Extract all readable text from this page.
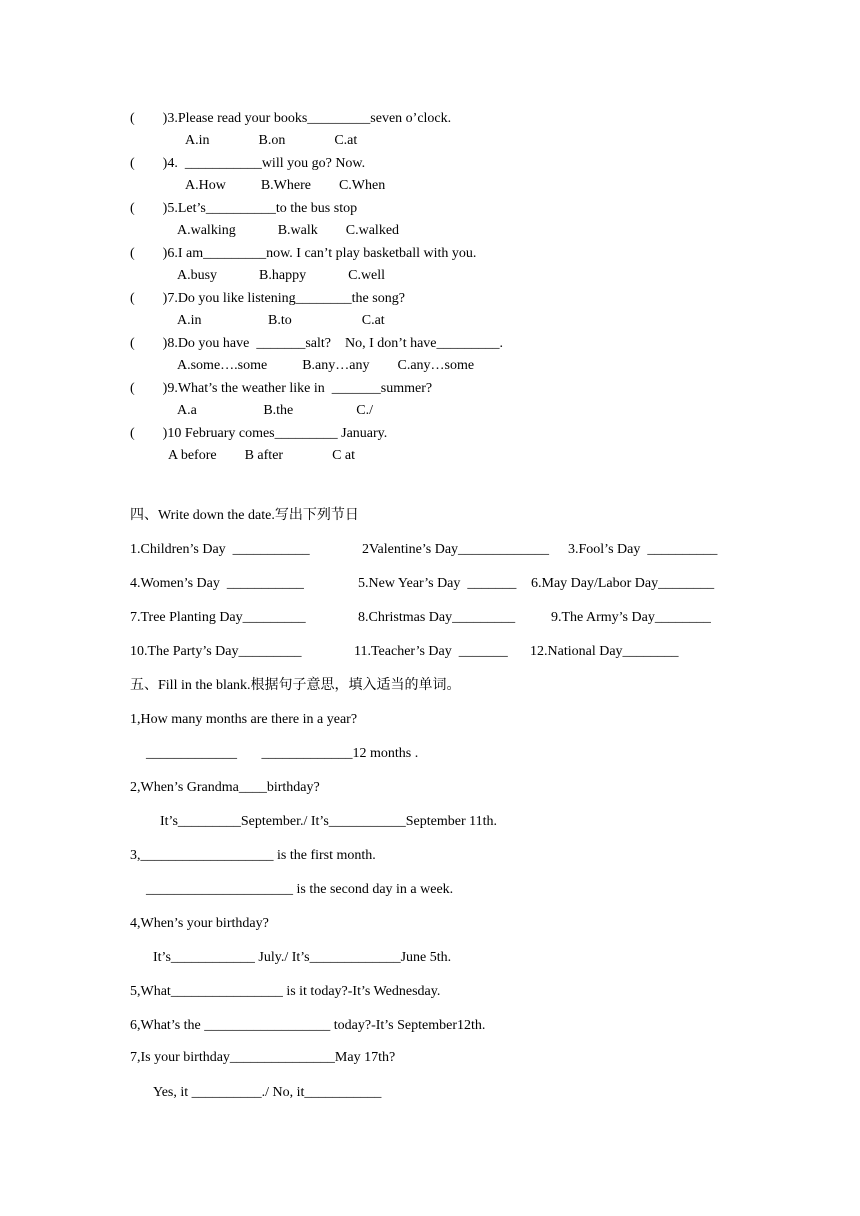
(        )3.Please read your books_________seven o’clock.
A.in              B.on              C.at
(        )4.  ___________will you go? Now.
A.How          B.Where        C.When
(        )5.Let’s__________to the bus stop
A.walking            B.walk        C.walked
(        )6.I am_________now. I can’t play basketball with you.
A.busy            B.happy            C.well
(        )7.Do you like listening________the song?
A.in                   B.to                    C.at
(        )8.Do you have  _______salt?    No, I don’t have_________.
A.some….some          B.any…any        C.any…some
(        )9.What’s the weather like in  _______summer?
A.a                   B.the                  C./
(        )10 February comes_________ January.
A before        B after              C at
四、Write down the date.写出下列节日
1.Children’s Day  ___________	2Valentine’s Day_____________ 3.Fool’s Day  __________
4.Women’s Day  ___________	5.New Year’s Day  _______ 6.May Day/Labor Day________
7.Tree Planting Day_________	8.Christmas Day_________	9.The Army’s Day________
10.The Party’s Day_________	11.Teacher’s Day  _______ 12.National Day________
五、Fill in the blank.根据句子意思，填入适当的单词。
1,How many months are there in a year?
_____________       _____________12 months .
2,When’s Grandma____birthday?
It’s_________September./ It’s___________September 11th.
3,___________________ is the first month.
_____________________ is the second day in a week.
4,When’s your birthday?
It’s____________ July./ It’s_____________June 5th.
5,What________________ is it today?-It’s Wednesday.
6,What’s the __________________ today?-It’s September12th.
7,Is your birthday_______________May 17th?
Yes, it __________./ No, it___________
